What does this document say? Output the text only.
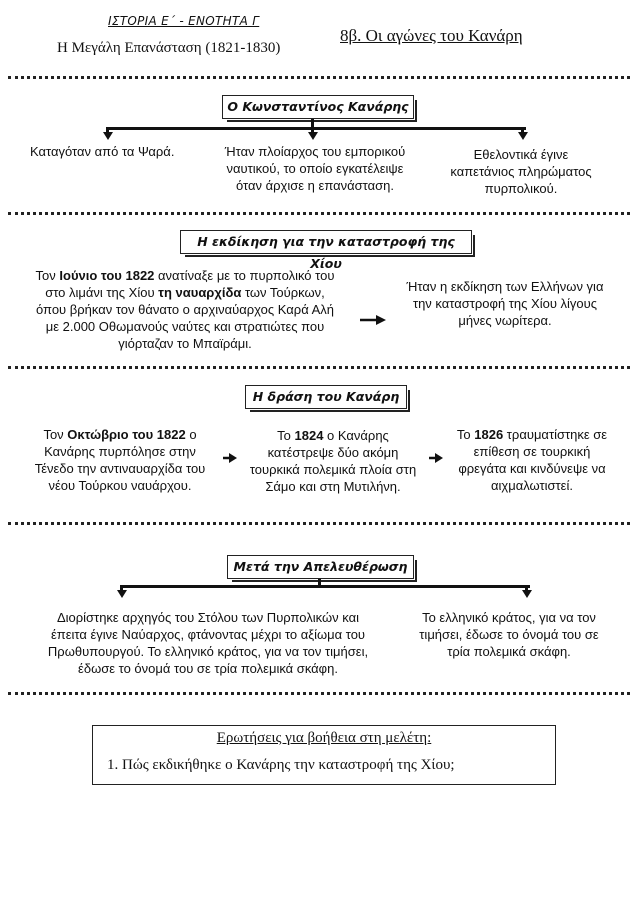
ΙΣΤΟΡΙΑ Ε΄ - ΕΝΟΤΗΤΑ Γ
Η Μεγάλη Επανάσταση (1821-1830)
8β. Οι αγώνες του Κανάρη
Ο Κωνσταντίνος Κανάρης
Καταγόταν από τα Ψαρά.	Ήταν πλοίαρχος του εμπορικού
ναυτικού, το οποίο εγκατέλειψε
όταν άρχισε η επανάσταση.
Εθελοντικά έγινε
καπετάνιος πληρώματος
πυρπολικού.
Η εκδίκηση για την καταστροφή της Χίου
Τον Ιούνιο του 1822 ανατίναξε με το πυρπολικό του
στο λιμάνι της Χίου τη ναυαρχίδα των Τούρκων,
όπου βρήκαν τον θάνατο ο αρχιναύαρχος Καρά Αλή
με 2.000 Οθωμανούς ναύτες και στρατιώτες που
γιόρταζαν το Μπαϊράμι.
Ήταν η εκδίκηση των Ελλήνων για
την καταστροφή της Χίου λίγους
μήνες νωρίτερα.
Η δράση του Κανάρη
Τον Οκτώβριο του 1822 ο
Κανάρης πυρπόλησε στην
Τένεδο την αντιναυαρχίδα του
νέου Τούρκου ναυάρχου.
Το 1824 ο Κανάρης
κατέστρεψε δύο ακόμη
τουρκικά πολεμικά πλοία στη
Σάμο και στη Μυτιλήνη.
Το 1826 τραυματίστηκε σε
επίθεση σε τουρκική
φρεγάτα και κινδύνεψε να
αιχμαλωτιστεί.
Μετά την Απελευθέρωση
Διορίστηκε αρχηγός του Στόλου των Πυρπολικών και
έπειτα έγινε Ναύαρχος, φτάνοντας μέχρι το αξίωμα του
Πρωθυπουργού. Το ελληνικό κράτος, για να τον τιμήσει,
έδωσε το όνομά του σε τρία πολεμικά σκάφη.
Το ελληνικό κράτος, για να τον
τιμήσει, έδωσε το όνομά του σε
τρία πολεμικά σκάφη.
Ερωτήσεις για βοήθεια στη μελέτη:
1. Πώς εκδικήθηκε ο Κανάρης την καταστροφή της Χίου;
